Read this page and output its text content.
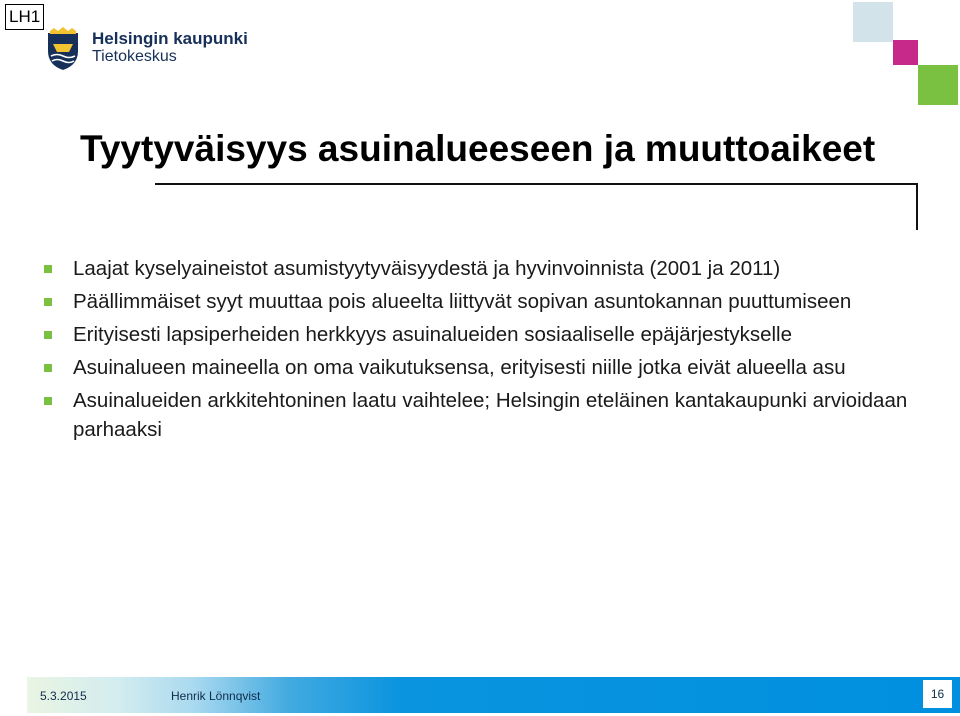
LH1
Helsingin kaupunki
Tietokeskus
Tyytyväisyys asuinalueeseen ja muuttoaikeet
Laajat kyselyaineistot asumistyytyväisyydestä ja hyvinvoinnista (2001 ja 2011)
Päällimmäiset syyt muuttaa pois alueelta liittyvät sopivan asuntokannan puuttumiseen
Erityisesti lapsiperheiden herkkyys asuinalueiden sosiaaliselle epäjärjestykselle
Asuinalueen maineella on oma vaikutuksensa, erityisesti niille jotka eivät alueella asu
Asuinalueiden arkkitehtoninen laatu vaihtelee; Helsingin eteläinen kantakaupunki arvioidaan parhaaksi
5.3.2015	Henrik Lönnqvist	16
